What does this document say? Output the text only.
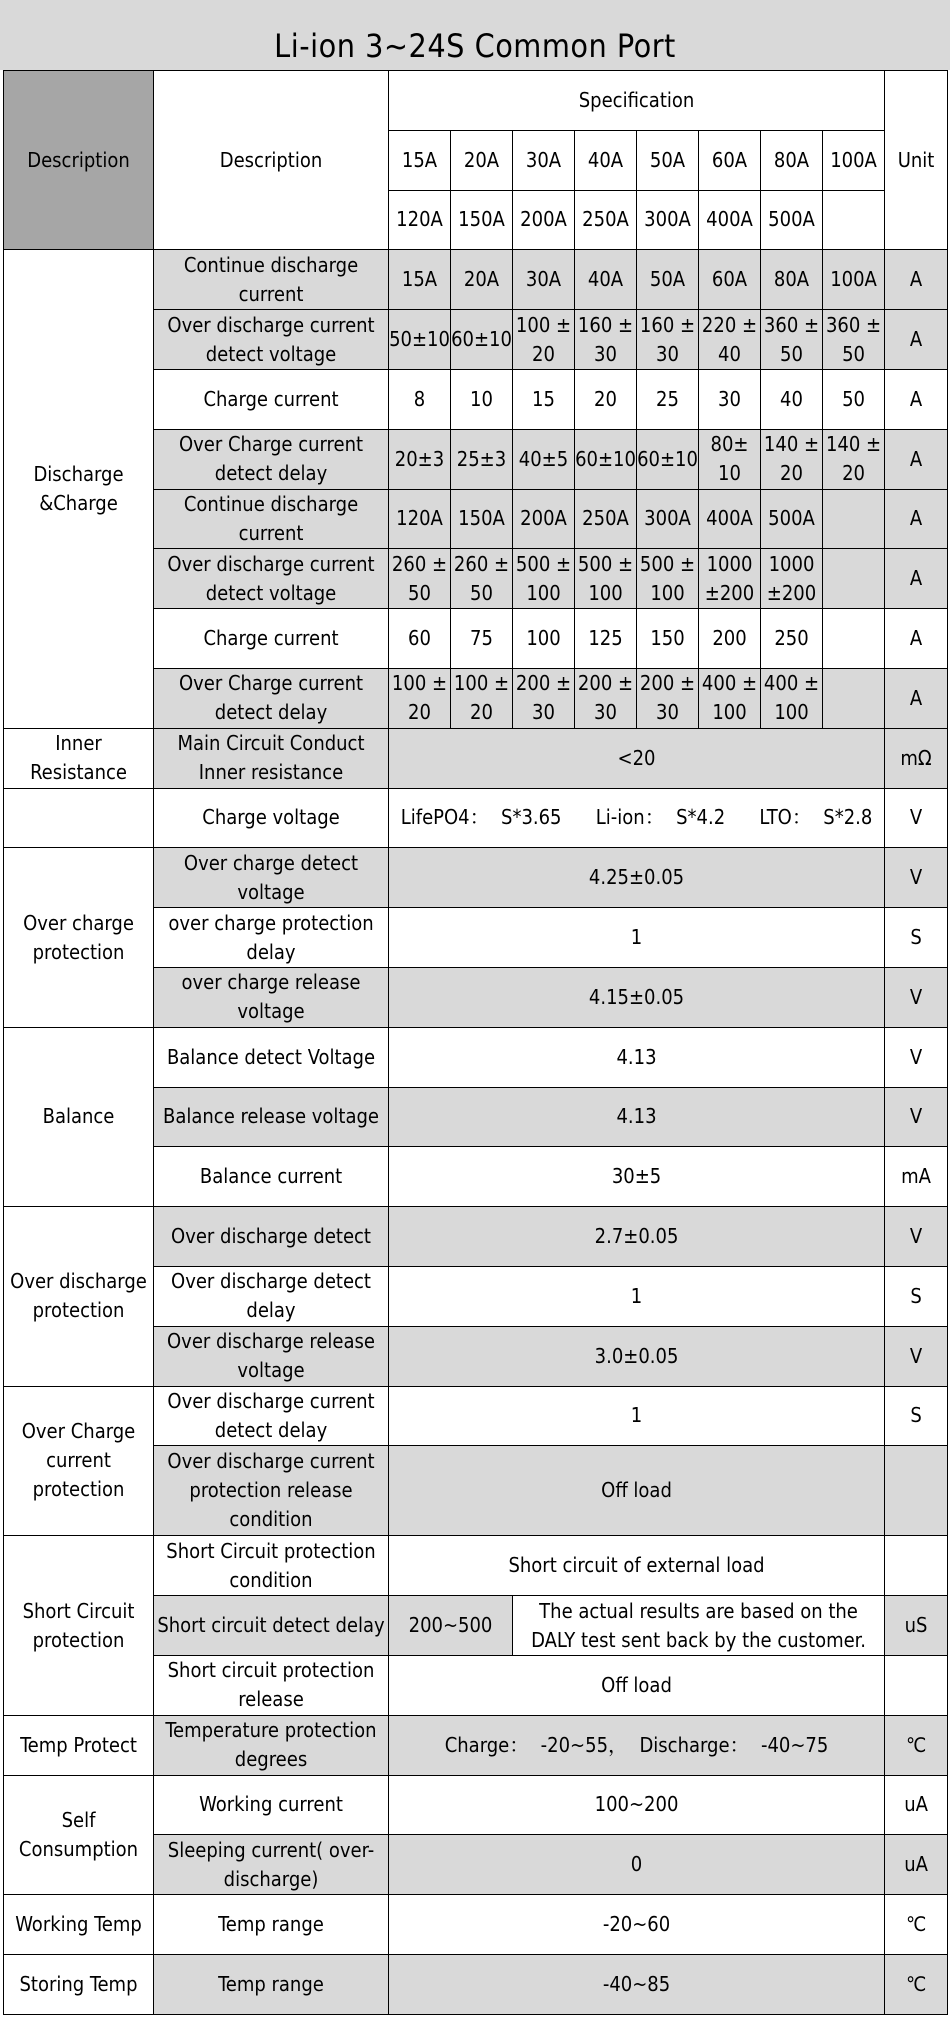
Li-ion 3~24S Common Port
Description	Description	Specification								Unit
		15A	20A	30A	40A	50A	60A	80A	100A	
		120A	150A	200A	250A	300A	400A	500A		
Discharge
&Charge	Continue discharge current	15A	20A	30A	40A	50A	60A	80A	100A	A
	Over discharge current detect voltage	50±10	60±10	100 ± 20	160 ± 30	160 ± 30	220 ± 40	360 ± 50	360 ± 50	A
	Charge current	8	10	15	20	25	30	40	50	A
	Over Charge current detect delay	20±3	25±3	40±5	60±10	60±10	80± 10	140 ± 20	140 ± 20	A
	Continue discharge current	120A	150A	200A	250A	300A	400A	500A		A
	Over discharge current detect voltage	260 ± 50	260 ± 50	500 ± 100	500 ± 100	500 ± 100	1000 ±200	1000 ±200		A
	Charge current	60	75	100	125	150	200	250		A
	Over Charge current detect delay	100 ± 20	100 ± 20	200 ± 30	200 ± 30	200 ± 30	400 ± 100	400 ± 100		A
Inner Resistance	Main Circuit Conduct Inner resistance	<20								mΩ
	Charge voltage	LifePO4：  S*3.65      Li-ion：  S*4.2      LTO：  S*2.8								V
Over charge protection	Over charge detect voltage	4.25±0.05								V
	over charge protection delay	1								S
	over charge release voltage	4.15±0.05								V
Balance	Balance detect Voltage	4.13								V
	Balance release voltage	4.13								V
	Balance current	30±5								mA
Over discharge protection	Over discharge detect	2.7±0.05								V
	Over discharge detect delay	1								S
	Over discharge release voltage	3.0±0.05								V
Over Charge current protection	Over discharge current detect delay	1								S
	Over discharge current protection release condition	Off load								
Short Circuit protection	Short Circuit protection condition	Short circuit of external load								
	Short circuit detect delay	200~500		The actual results are based on the DALY test sent back by the customer.						uS
	Short circuit protection release	Off load								
Temp Protect	Temperature protection degrees	Charge：  -20~55，  Discharge：  -40~75								℃
Self Consumption	Working current	100~200								uA
	Sleeping current( over-discharge)	0								uA
Working Temp	Temp range	-20~60								℃
Storing Temp	Temp range	-40~85								℃
